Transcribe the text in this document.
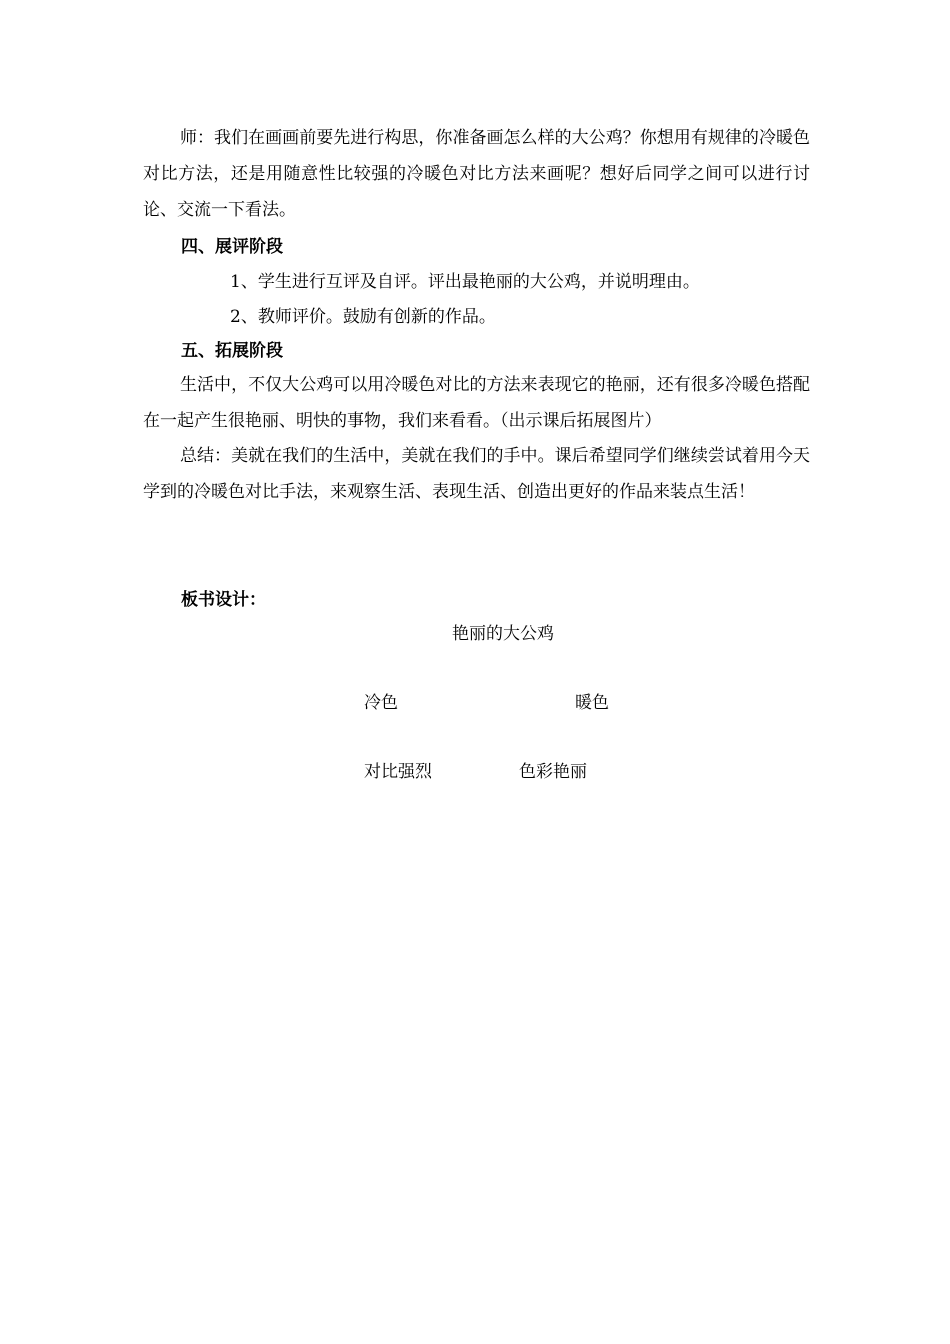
师：我们在画画前要先进行构思，你准备画怎么样的大公鸡？你想用有规律的冷暖色对比方法，还是用随意性比较强的冷暖色对比方法来画呢？想好后同学之间可以进行讨论、交流一下看法。

四、展评阶段

1、学生进行互评及自评。评出最艳丽的大公鸡，并说明理由。

2、教师评价。鼓励有创新的作品。

五、拓展阶段

生活中，不仅大公鸡可以用冷暖色对比的方法来表现它的艳丽，还有很多冷暖色搭配在一起产生很艳丽、明快的事物，我们来看看。（出示课后拓展图片）

总结：美就在我们的生活中，美就在我们的手中。课后希望同学们继续尝试着用今天学到的冷暖色对比手法，来观察生活、表现生活、创造出更好的作品来装点生活！

板书设计：

艳丽的大公鸡

冷色	暖色

对比强烈	色彩艳丽
